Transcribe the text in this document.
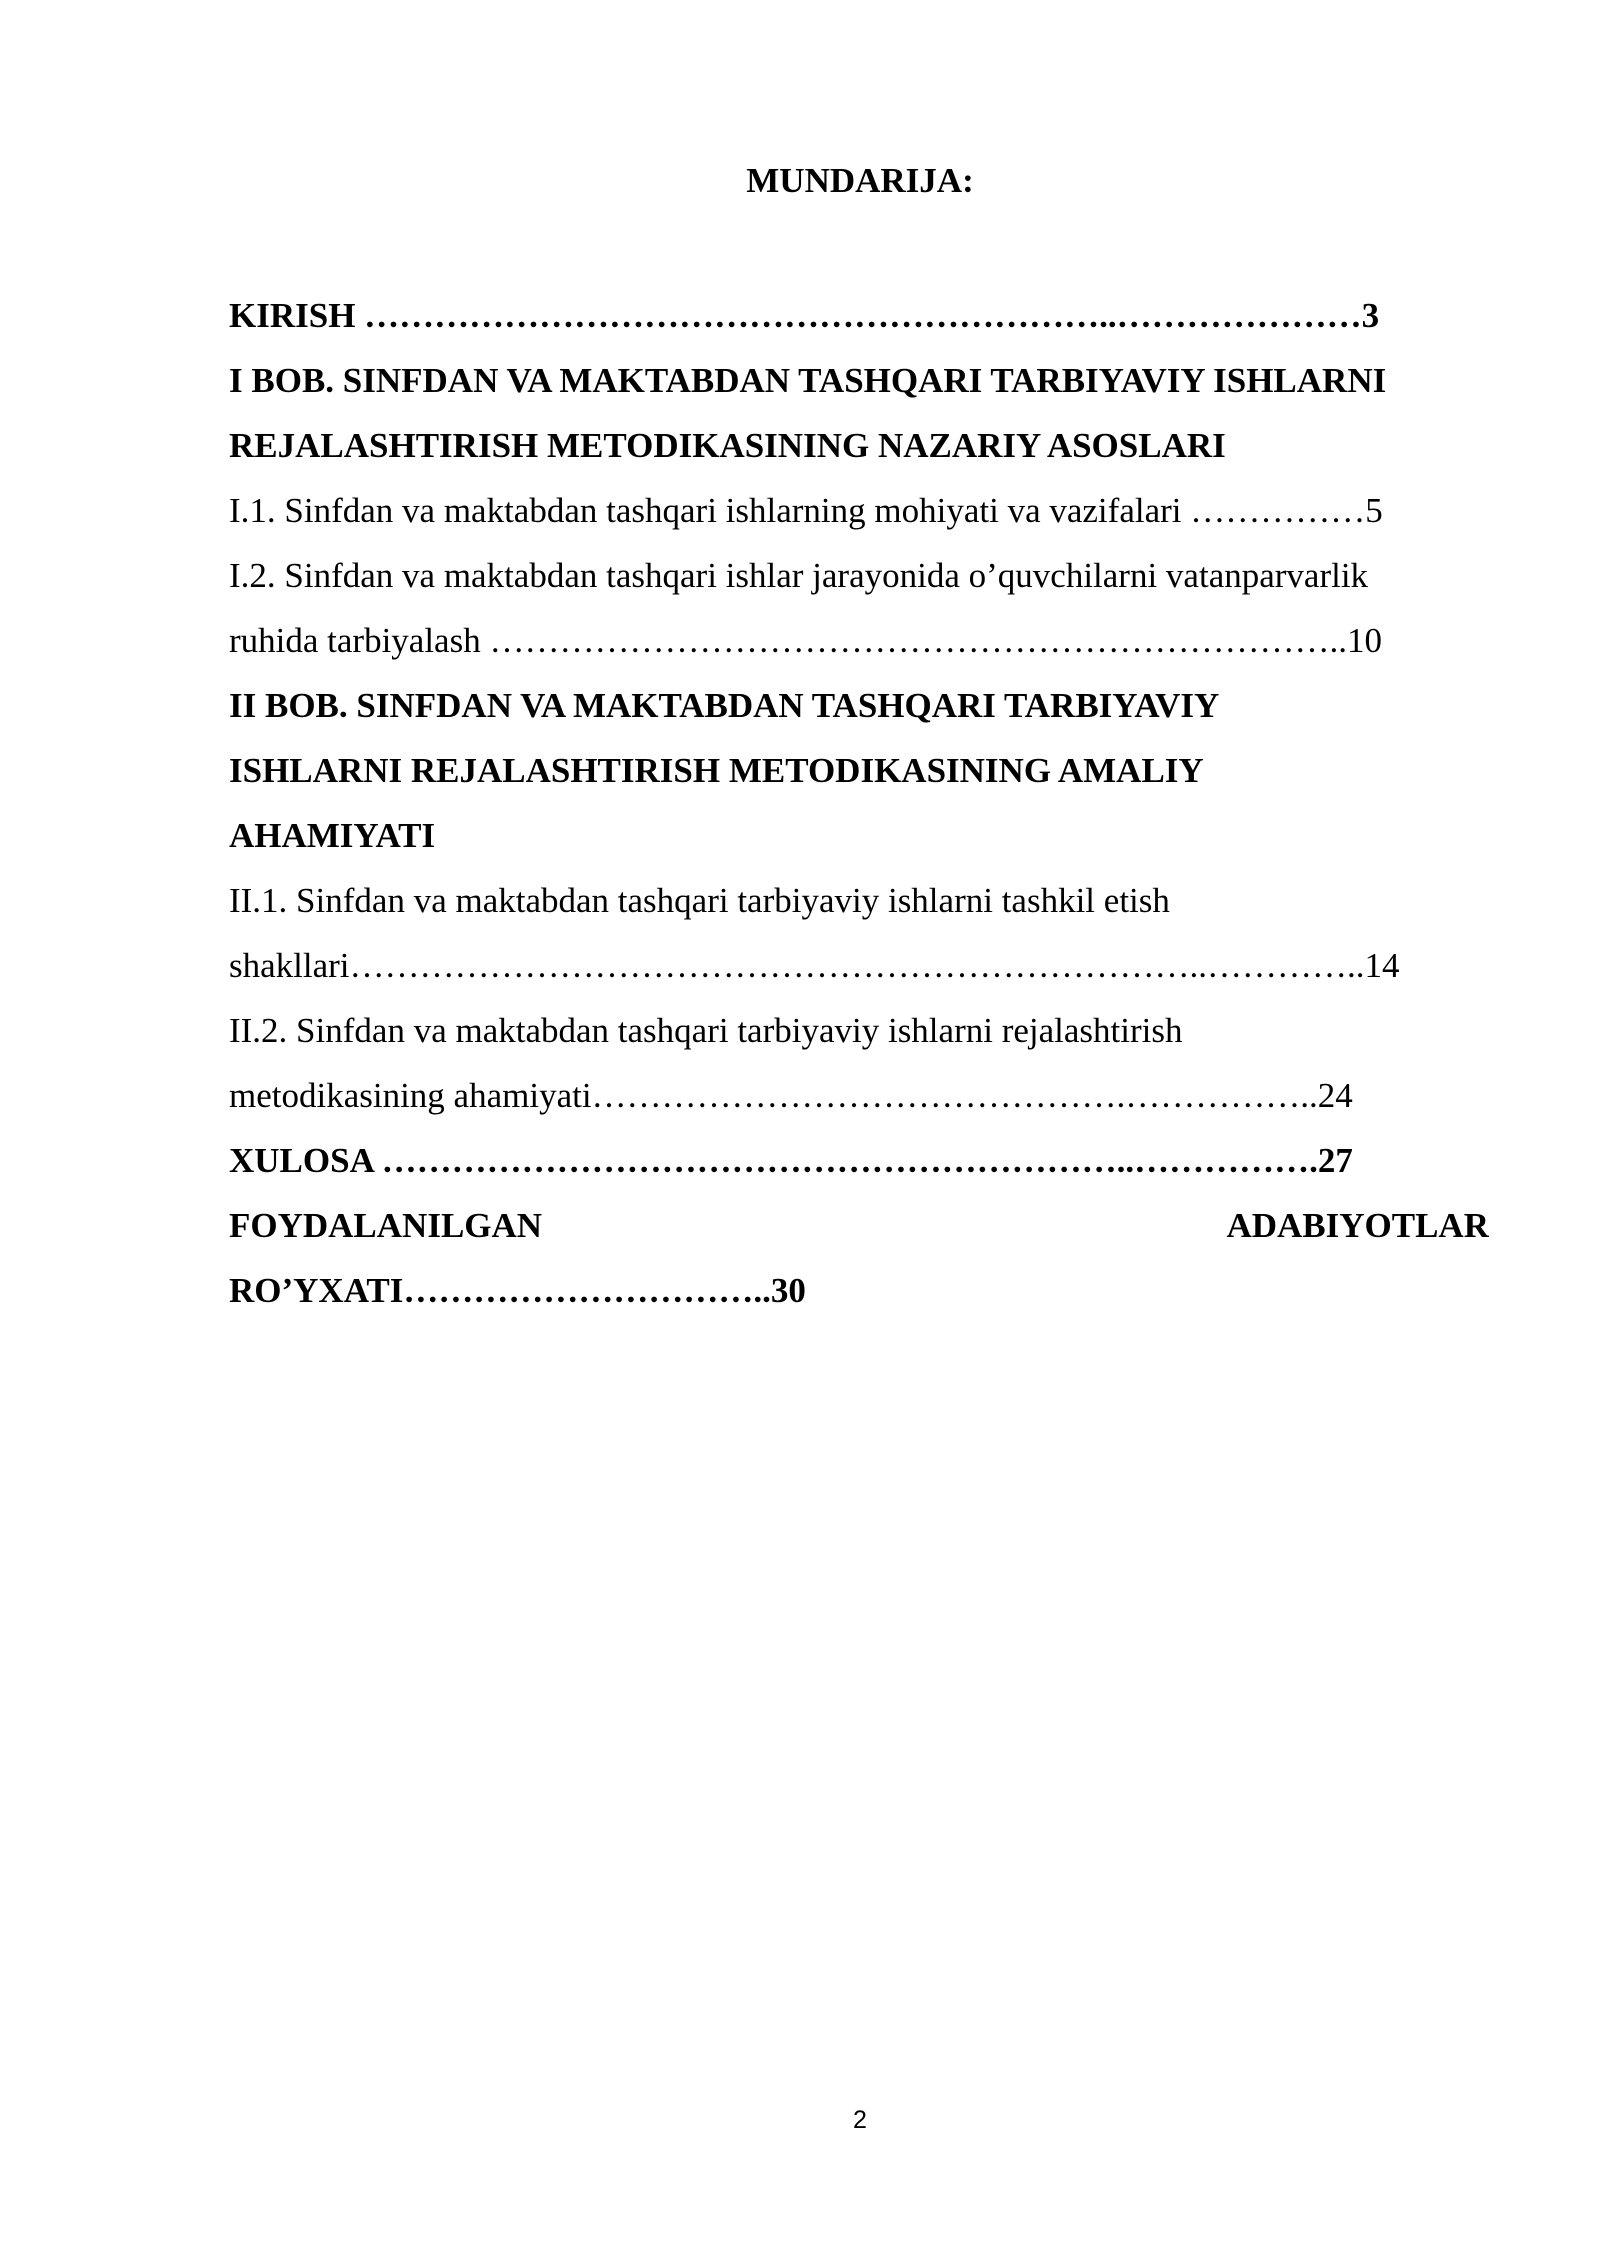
MUNDARIJA:
KIRISH ………………………………………………………..…………………3
I BOB. SINFDAN VA MAKTABDAN TASHQARI TARBIYAVIY ISHLARNI
REJALASHTIRISH METODIKASINING NAZARIY ASOSLARI
I.1. Sinfdan va maktabdan tashqari ishlarning mohiyati va vazifalari ……………5
I.2. Sinfdan va maktabdan tashqari ishlar jarayonida o’quvchilarni vatanparvarlik
ruhida tarbiyalash ………………………………………………………………..10
II BOB. SINFDAN VA MAKTABDAN TASHQARI TARBIYAVIY
ISHLARNI REJALASHTIRISH METODIKASINING AMALIY
AHAMIYATI
II.1. Sinfdan va maktabdan tashqari tarbiyaviy ishlarni tashkil etish
shakllari………………………………………………………………..…………..14
II.2. Sinfdan va maktabdan tashqari tarbiyaviy ishlarni rejalashtirish
metodikasining ahamiyati……………………………………….……………..24
XULOSA ………………………………………………………..…………….27
FOYDALANILGAN	ADABIYOTLAR
RO’YXATI…………………………..30
2
